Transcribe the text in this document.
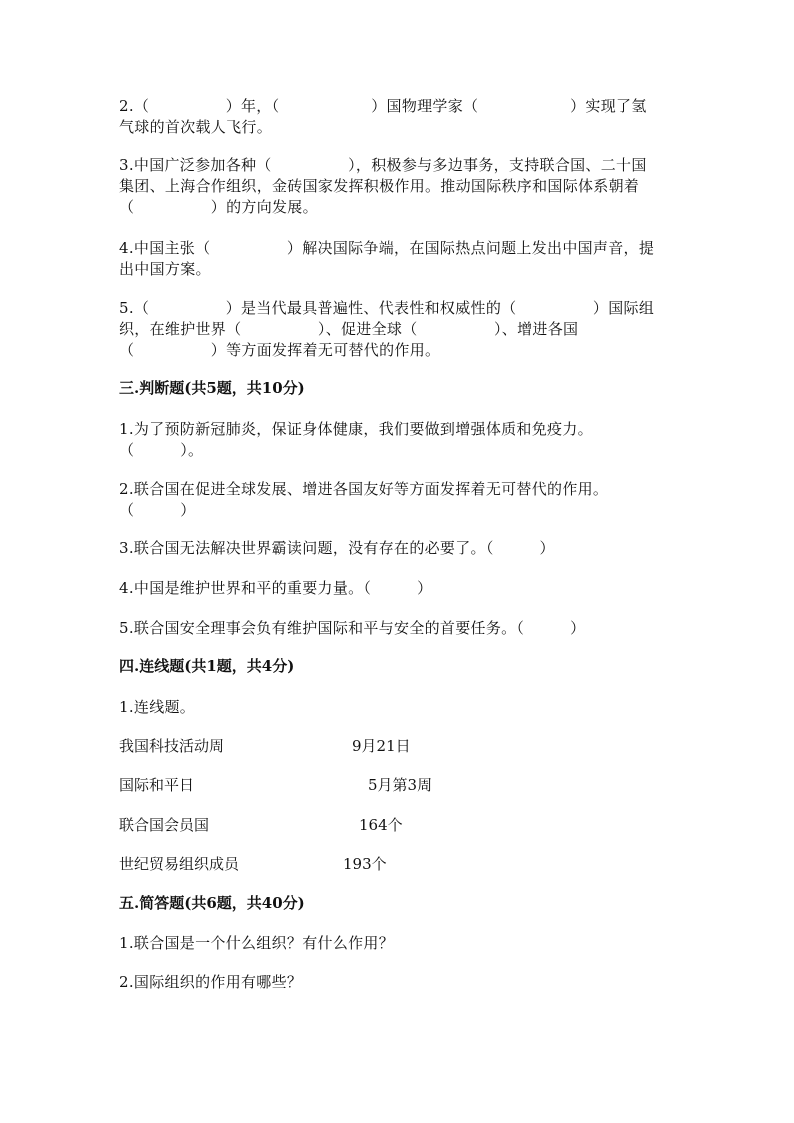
2.（　　　　　）年，（　　　　　　）国物理学家（　　　　　　）实现了氢
气球的首次载人飞行。
3.中国广泛参加各种（　　　　　），积极参与多边事务，支持联合国、二十国
集团、上海合作组织，金砖国家发挥积极作用。推动国际秩序和国际体系朝着
（　　　　　）的方向发展。
4.中国主张（　　　　　）解决国际争端，在国际热点问题上发出中国声音，提
出中国方案。
5.（　　　　　）是当代最具普遍性、代表性和权威性的（　　　　　）国际组
织，在维护世界（　　　　　）、促进全球（　　　　　）、增进各国
（　　　　　）等方面发挥着无可替代的作用。
三.判断题(共5题，共10分)
1.为了预防新冠肺炎，保证身体健康，我们要做到增强体质和免疫力。
（　　　）。
2.联合国在促进全球发展、增进各国友好等方面发挥着无可替代的作用。
（　　　）
3.联合国无法解决世界霸读问题，没有存在的必要了。（　　　）
4.中国是维护世界和平的重要力量。（　　　）
5.联合国安全理事会负有维护国际和平与安全的首要任务。（　　　）
四.连线题(共1题，共4分)
1.连线题。
我国科技活动周	9月21日
国际和平日	5月第3周
联合国会员国	164个
世纪贸易组织成员	193个
五.简答题(共6题，共40分)
1.联合国是一个什么组织？有什么作用？
2.国际组织的作用有哪些？
